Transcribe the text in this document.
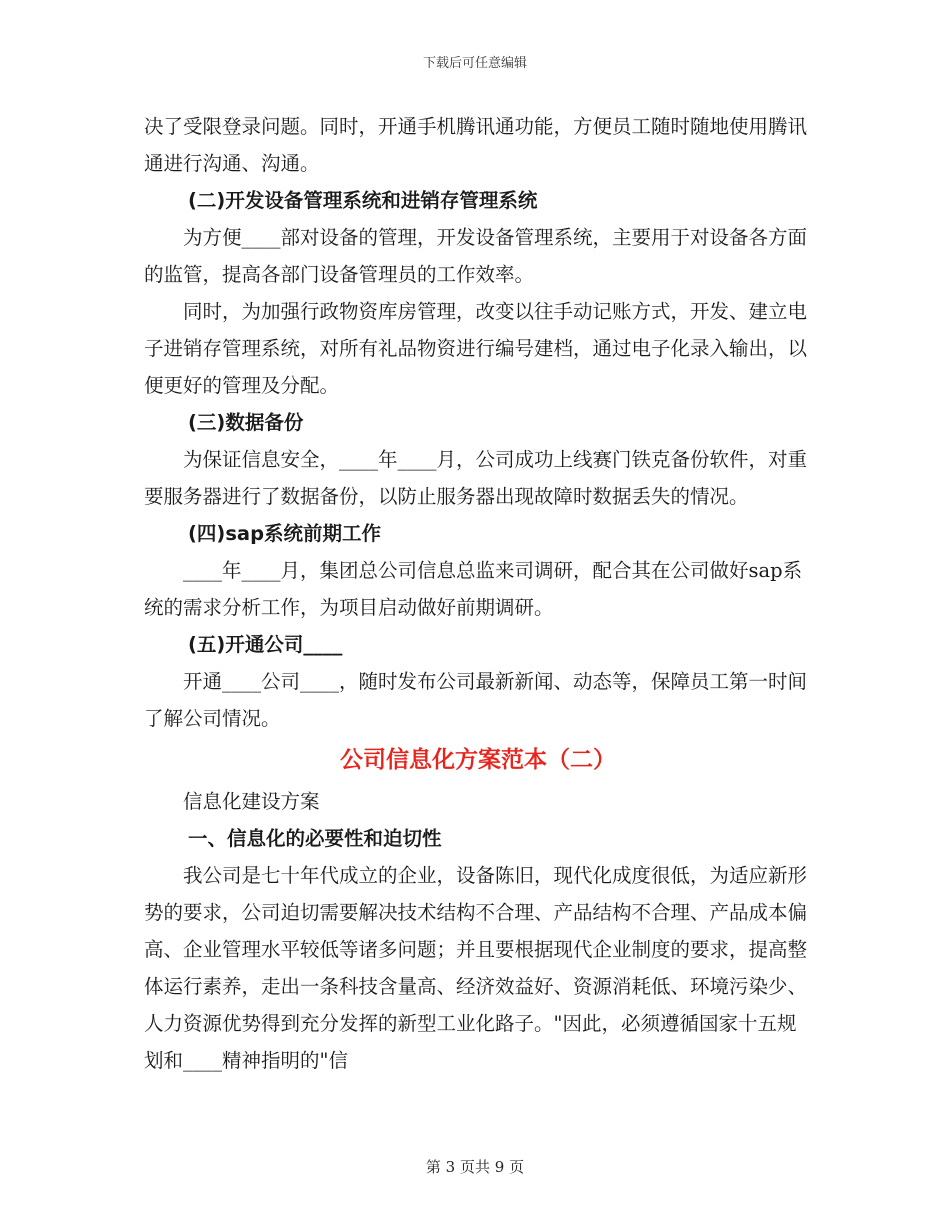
下载后可任意编辑

决了受限登录问题。同时，开通手机腾讯通功能，方便员工随时随地使用腾讯通进行沟通、沟通。

(二)开发设备管理系统和进销存管理系统

为方便____部对设备的管理，开发设备管理系统，主要用于对设备各方面的监管，提高各部门设备管理员的工作效率。

同时，为加强行政物资库房管理，改变以往手动记账方式，开发、建立电子进销存管理系统，对所有礼品物资进行编号建档，通过电子化录入输出，以便更好的管理及分配。

(三)数据备份

为保证信息安全，____年____月，公司成功上线赛门铁克备份软件，对重要服务器进行了数据备份，以防止服务器出现故障时数据丢失的情况。

(四)sap系统前期工作

____年____月，集团总公司信息总监来司调研，配合其在公司做好sap系统的需求分析工作，为项目启动做好前期调研。

(五)开通公司____

开通____公司____，随时发布公司最新新闻、动态等，保障员工第一时间了解公司情况。

公司信息化方案范本（二）

信息化建设方案

一、信息化的必要性和迫切性

我公司是七十年代成立的企业，设备陈旧，现代化成度很低，为适应新形势的要求，公司迫切需要解决技术结构不合理、产品结构不合理、产品成本偏高、企业管理水平较低等诸多问题；并且要根据现代企业制度的要求，提高整体运行素养，走出一条科技含量高、经济效益好、资源消耗低、环境污染少、人力资源优势得到充分发挥的新型工业化路子。"因此，必须遵循国家十五规划和____精神指明的"信

第 3 页共 9 页
